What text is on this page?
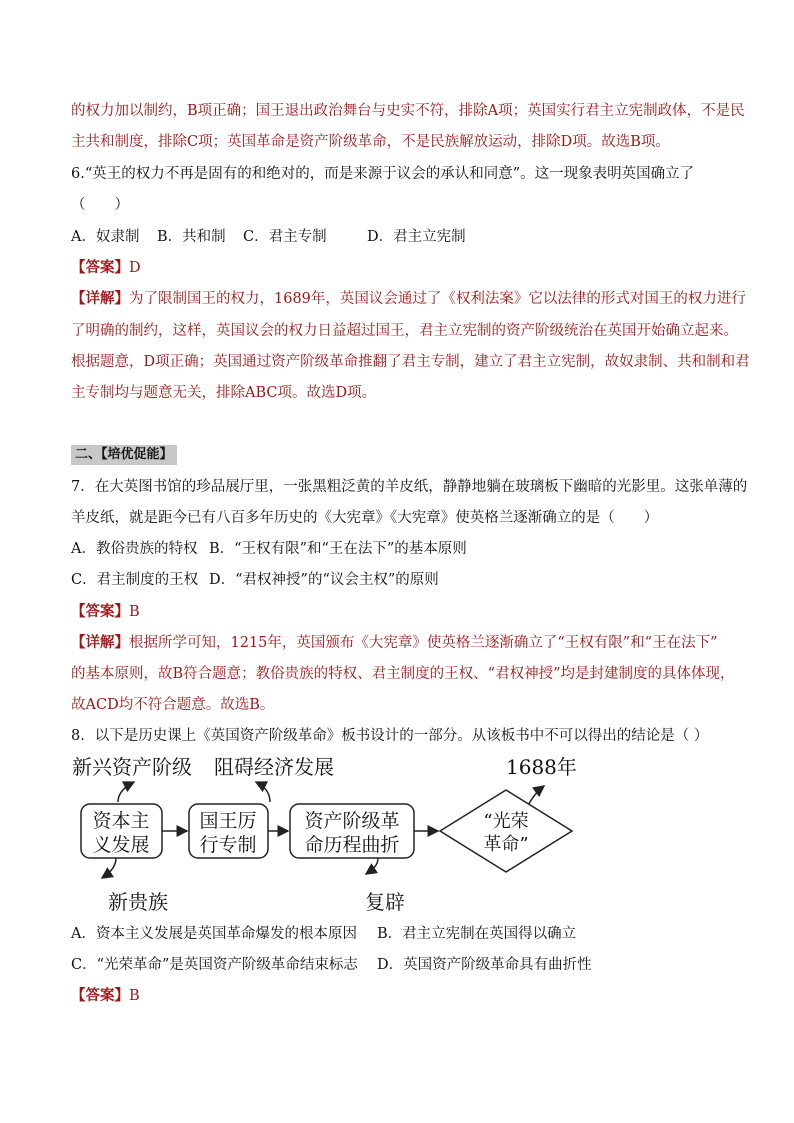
的权力加以制约，B项正确；国王退出政治舞台与史实不符，排除A项；英国实行君主立宪制政体，不是民
主共和制度，排除C项；英国革命是资产阶级革命，不是民族解放运动，排除D项。故选B项。
6.“英王的权力不再是固有的和绝对的，而是来源于议会的承认和同意”。这一现象表明英国确立了
（　　）
A．奴隶制 B．共和制 C．君主专制	D．君主立宪制
【答案】D
【详解】为了限制国王的权力，1689年，英国议会通过了《权利法案》它以法律的形式对国王的权力进行
了明确的制约，这样，英国议会的权力日益超过国王，君主立宪制的资产阶级统治在英国开始确立起来。
根据题意，D项正确；英国通过资产阶级革命推翻了君主专制，建立了君主立宪制，故奴隶制、共和制和君
主专制均与题意无关，排除ABC项。故选D项。
二、【培优促能】
7．在大英图书馆的珍品展厅里，一张黑粗泛黄的羊皮纸，静静地躺在玻璃板下幽暗的光影里。这张单薄的
羊皮纸，就是距今已有八百多年历史的《大宪章》《大宪章》使英格兰逐渐确立的是（　　）
A．教俗贵族的特权 B．“王权有限”和“王在法下”的基本原则
C．君主制度的王权 D．“君权神授”的“议会主权”的原则
【答案】B
【详解】根据所学可知，1215年，英国颁布《大宪章》使英格兰逐渐确立了“王权有限”和“王在法下”
的基本原则，故B符合题意；教俗贵族的特权、君主制度的王权、“君权神授”均是封建制度的具体体现，
故ACD均不符合题意。故选B。
8．以下是历史课上《英国资产阶级革命》板书设计的一部分。从该板书中不可以得出的结论是（ ）
新兴资产阶级 阻碍经济发展	1688年
资本主
义发展
国王厉
行专制
资产阶级革
命历程曲折
“光荣
革命”
新贵族	复辟
A．资本主义发展是英国革命爆发的根本原因 B．君主立宪制在英国得以确立
C．“光荣革命”是英国资产阶级革命结束标志 D．英国资产阶级革命具有曲折性
【答案】B
